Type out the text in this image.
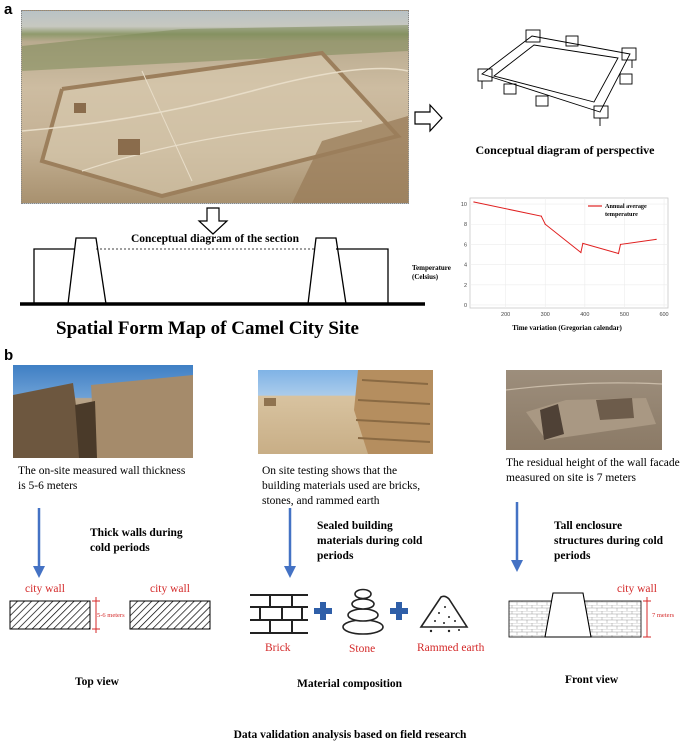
a
Conceptual diagram of perspective
Conceptual diagram of the section
Spatial Form Map of Camel City Site
Temperature (Celsius)
200	300	400	500	600
0
2
4
6
8
10	Annual average temperature
Time variation (Gregorian calendar)
b
The on-site measured wall thickness is 5-6 meters
Thick walls during cold periods
city wall	city wall
5-6 meters
Top view
On site testing shows that the building materials used are bricks, stones, and rammed earth
Sealed building materials during cold periods
Brick	Stone	Rammed earth
Material composition
The residual height of the wall facade measured on site is 7 meters
Tall enclosure structures during cold periods
city wall
7 meters
Front view
Data validation analysis based on field research
